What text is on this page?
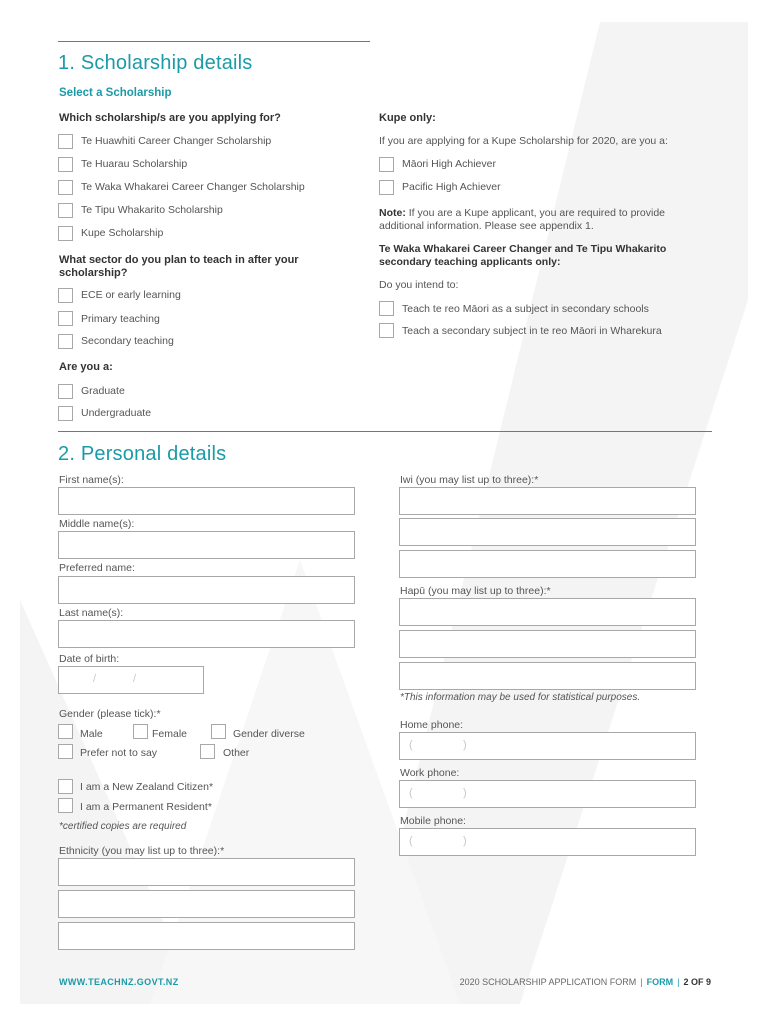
1. Scholarship details
Select a Scholarship
Which scholarship/s are you applying for?
Te Huawhiti Career Changer Scholarship
Te Huarau Scholarship
Te Waka Whakarei Career Changer Scholarship
Te Tipu Whakarito Scholarship
Kupe Scholarship
What sector do you plan to teach in after your scholarship?
ECE or early learning
Primary teaching
Secondary teaching
Are you a:
Graduate
Undergraduate
Kupe only:
If you are applying for a Kupe Scholarship for 2020, are you a:
Māori High Achiever
Pacific High Achiever
Note: If you are a Kupe applicant, you are required to provide additional information. Please see appendix 1.
Te Waka Whakarei Career Changer and Te Tipu Whakarito secondary teaching applicants only:
Do you intend to:
Teach te reo Māori as a subject in secondary schools
Teach a secondary subject in te reo Māori in Wharekura
2. Personal details
First name(s):
Middle name(s):
Preferred name:
Last name(s):
Date of birth:
/	/
Gender (please tick):*
Male	Female	Gender diverse
Prefer not to say	Other
I am a New Zealand Citizen*
I am a Permanent Resident*
*certified copies are required
Ethnicity (you may list up to three):*
Iwi (you may list up to three):*
Hapū (you may list up to three):*
*This information may be used for statistical purposes.
Home phone:
(	)
Work phone:
(	)
Mobile phone:
(	)
WWW.TEACHNZ.GOVT.NZ	2020 SCHOLARSHIP APPLICATION FORM | FORM | 2 OF 9
